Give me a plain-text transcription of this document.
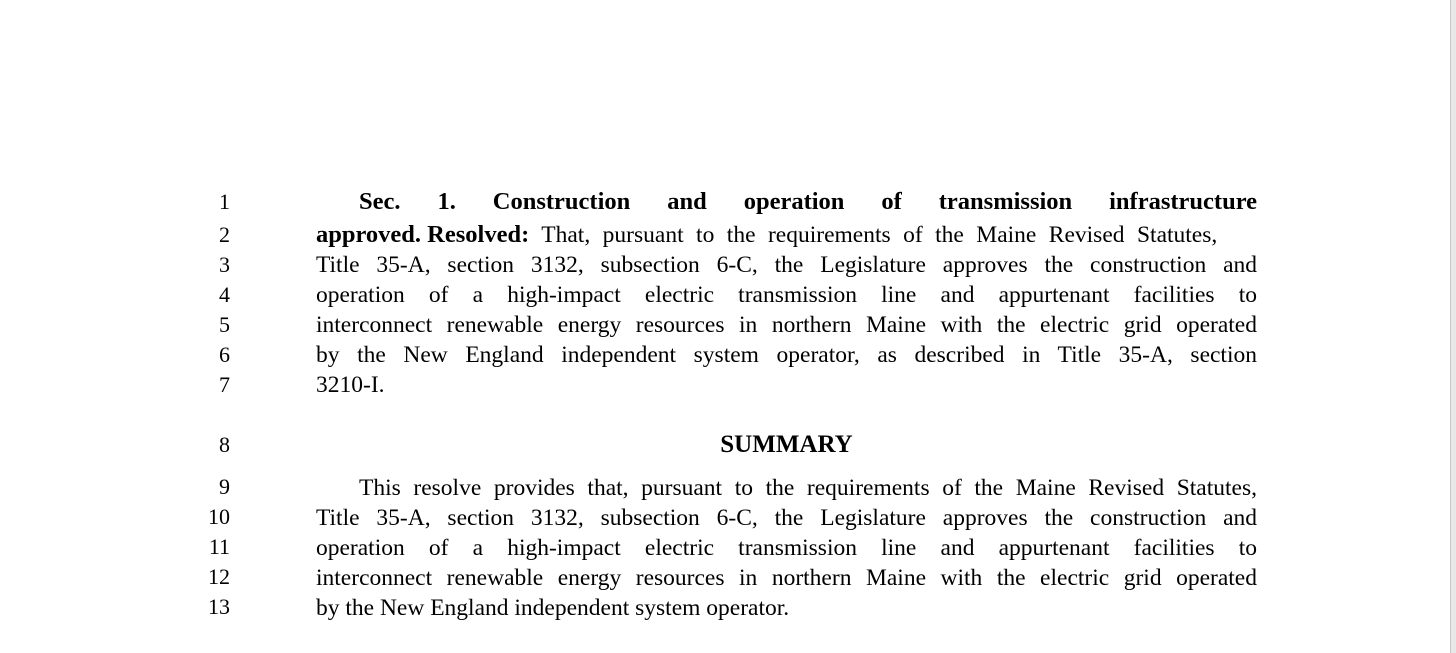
1
2
3
4
5
6
7
8
9
10
11
12
13
Sec. 1. Construction and operation of transmission infrastructure
approved. Resolved: That, pursuant to the requirements of the Maine Revised Statutes,
Title 35-A, section 3132, subsection 6-C, the Legislature approves the construction and
operation of a high-impact electric transmission line and appurtenant facilities to
interconnect renewable energy resources in northern Maine with the electric grid operated
by the New England independent system operator, as described in Title 35-A, section
3210-I.
SUMMARY
This resolve provides that, pursuant to the requirements of the Maine Revised Statutes,
Title 35-A, section 3132, subsection 6-C, the Legislature approves the construction and
operation of a high-impact electric transmission line and appurtenant facilities to
interconnect renewable energy resources in northern Maine with the electric grid operated
by the New England independent system operator.
